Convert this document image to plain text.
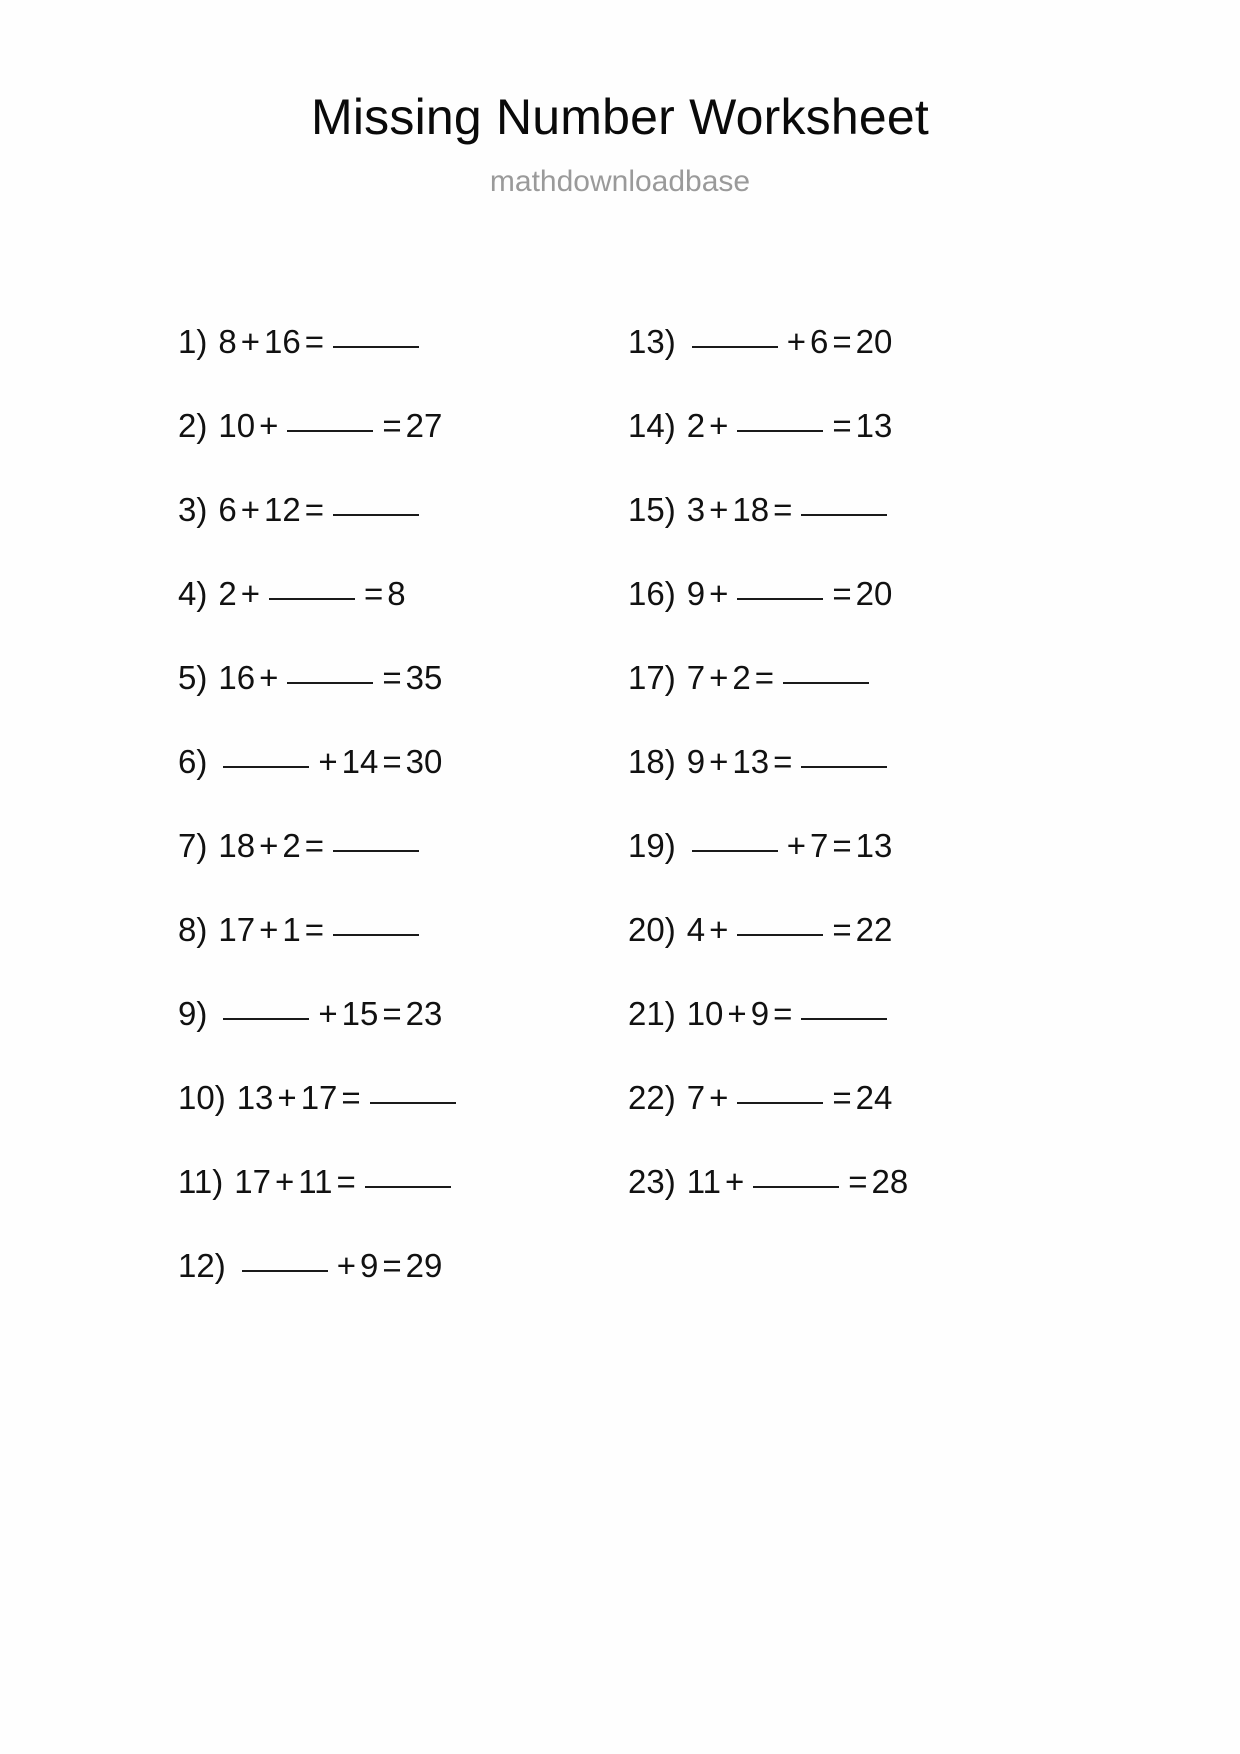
Missing Number Worksheet
mathdownloadbase
1) 8 + 16 =
2) 10 +	= 27
3) 6 + 12 =
4) 2 +	= 8
5) 16 +	= 35
6)	+ 14 = 30
7) 18 + 2 =
8) 17 + 1 =
9)	+ 15 = 23
10) 13 + 17 =
11) 17 + 11 =
12)	+ 9 = 29
13)	+ 6 = 20
14) 2 +	= 13
15) 3 + 18 =
16) 9 +	= 20
17) 7 + 2 =
18) 9 + 13 =
19)	+ 7 = 13
20) 4 +	= 22
21) 10 + 9 =
22) 7 +	= 24
23) 11 +	= 28
